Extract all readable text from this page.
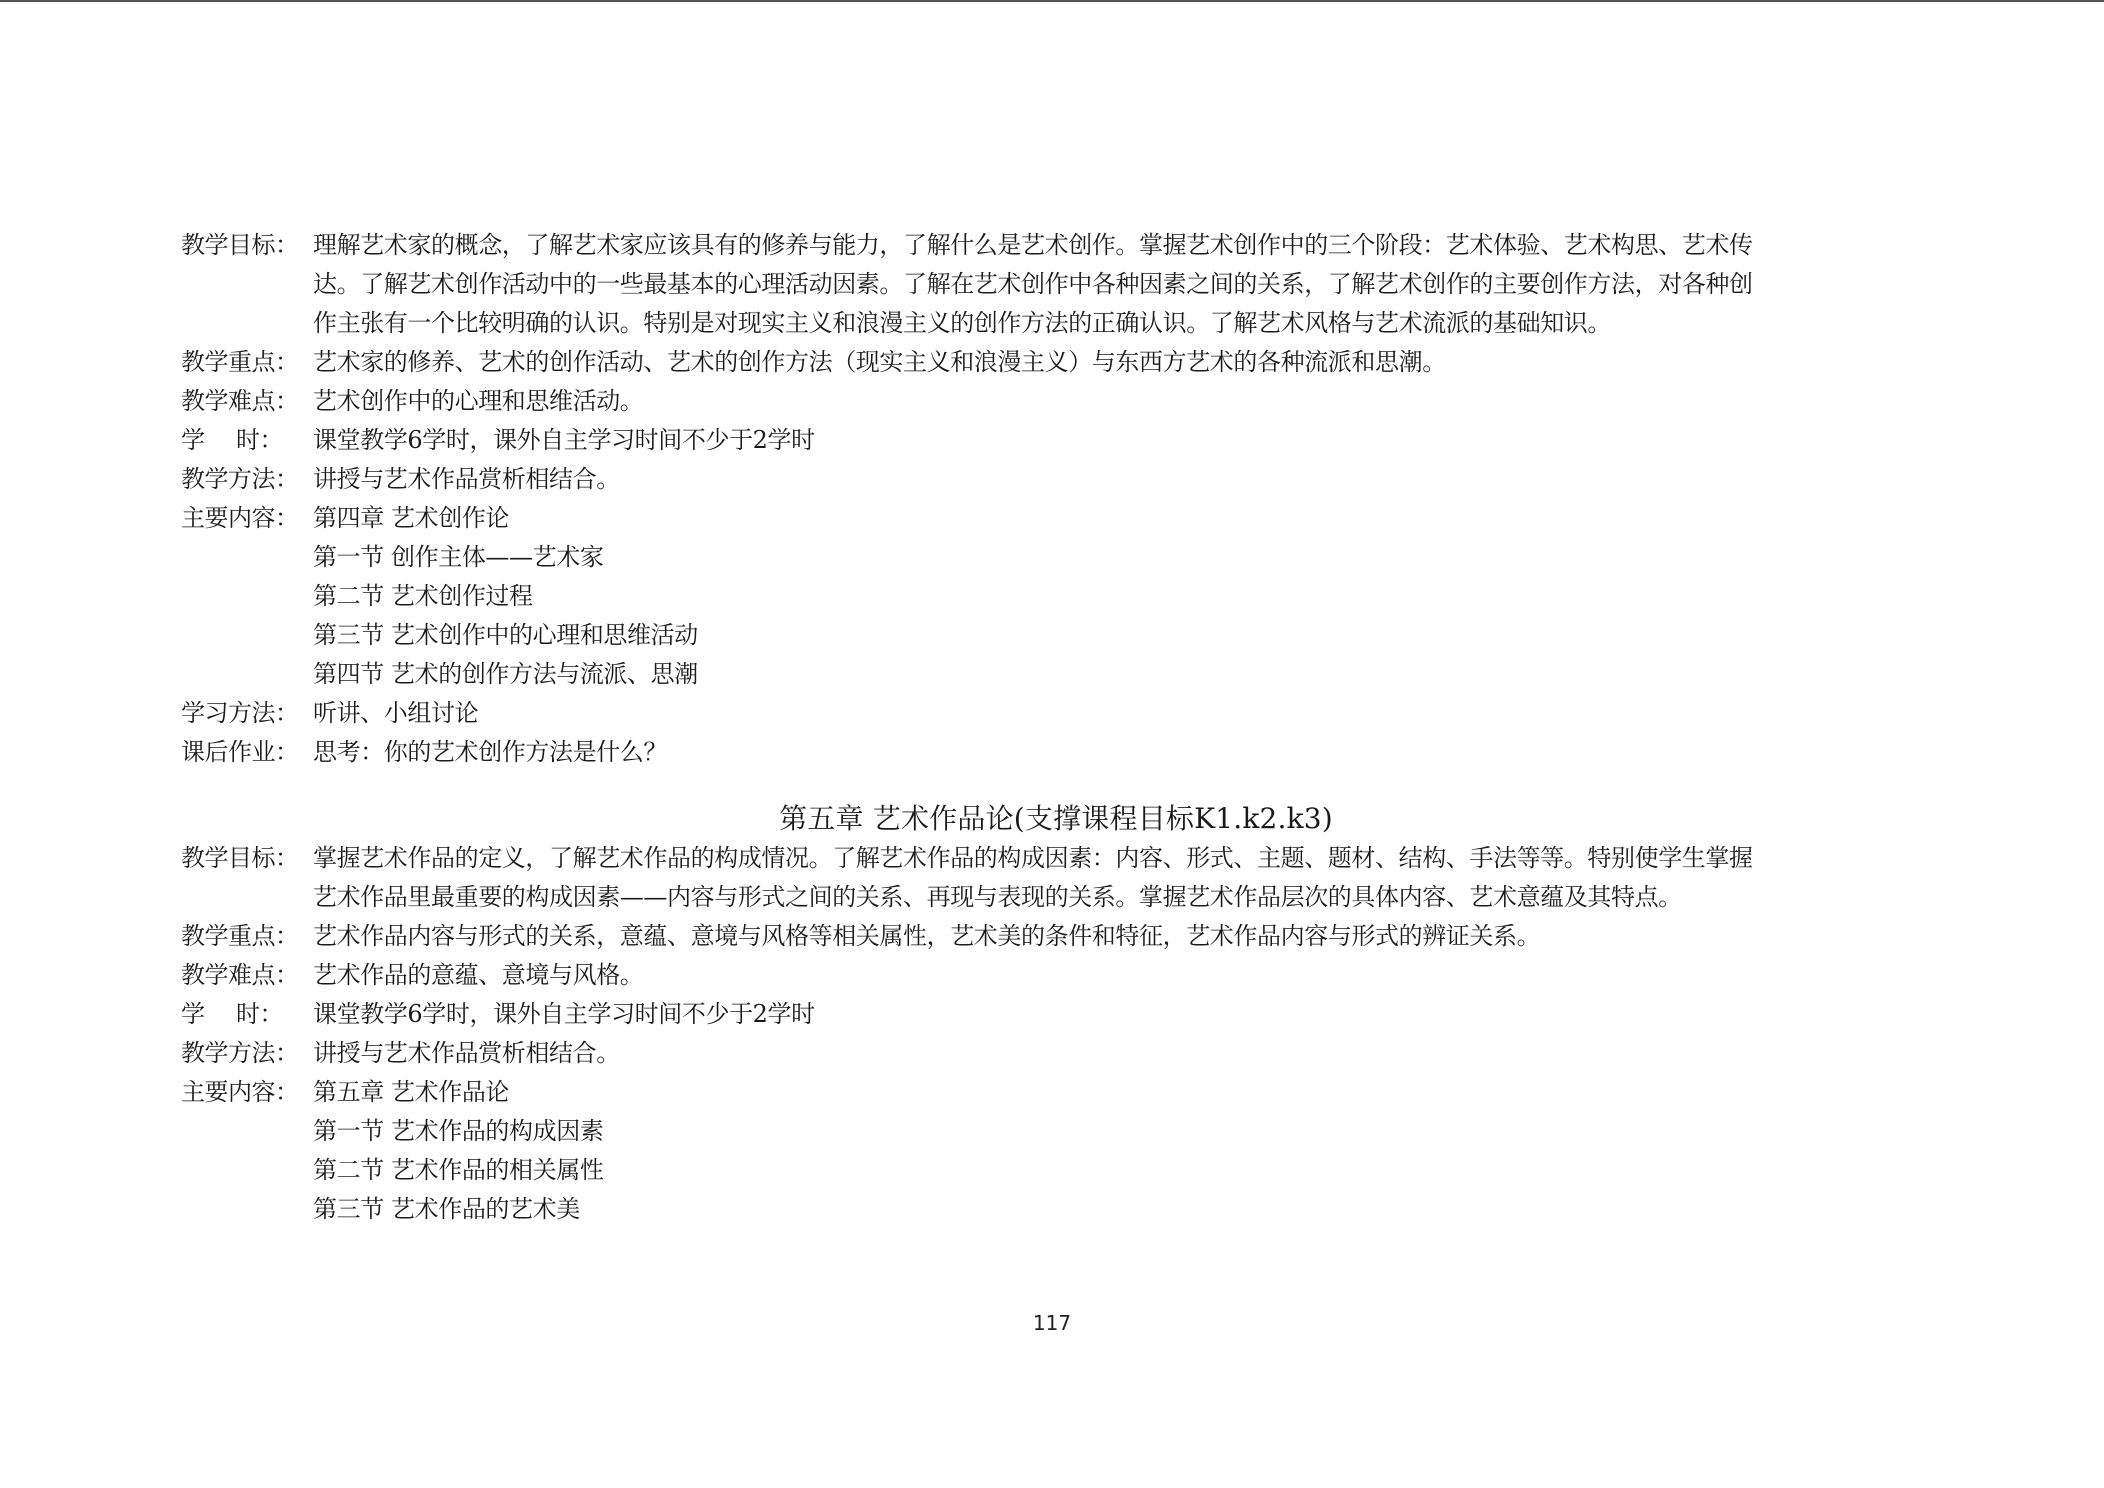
教学目标： 理解艺术家的概念，了解艺术家应该具有的修养与能力，了解什么是艺术创作。掌握艺术创作中的三个阶段：艺术体验、艺术构思、艺术传
达。了解艺术创作活动中的一些最基本的心理活动因素。了解在艺术创作中各种因素之间的关系，了解艺术创作的主要创作方法，对各种创
作主张有一个比较明确的认识。特别是对现实主义和浪漫主义的创作方法的正确认识。了解艺术风格与艺术流派的基础知识。
教学重点： 艺术家的修养、艺术的创作活动、艺术的创作方法（现实主义和浪漫主义）与东西方艺术的各种流派和思潮。
教学难点： 艺术创作中的心理和思维活动。
学 时： 课堂教学6学时，课外自主学习时间不少于2学时
教学方法： 讲授与艺术作品赏析相结合。
主要内容： 第四章 艺术创作论
第一节 创作主体——艺术家
第二节 艺术创作过程
第三节 艺术创作中的心理和思维活动
第四节 艺术的创作方法与流派、思潮
学习方法： 听讲、小组讨论
课后作业： 思考：你的艺术创作方法是什么？
第五章 艺术作品论(支撑课程目标K1.k2.k3)
教学目标： 掌握艺术作品的定义，了解艺术作品的构成情况。了解艺术作品的构成因素：内容、形式、主题、题材、结构、手法等等。特别使学生掌握
艺术作品里最重要的构成因素——内容与形式之间的关系、再现与表现的关系。掌握艺术作品层次的具体内容、艺术意蕴及其特点。
教学重点： 艺术作品内容与形式的关系，意蕴、意境与风格等相关属性，艺术美的条件和特征，艺术作品内容与形式的辨证关系。
教学难点： 艺术作品的意蕴、意境与风格。
学 时： 课堂教学6学时，课外自主学习时间不少于2学时
教学方法： 讲授与艺术作品赏析相结合。
主要内容： 第五章 艺术作品论
第一节 艺术作品的构成因素
第二节 艺术作品的相关属性
第三节 艺术作品的艺术美
117
